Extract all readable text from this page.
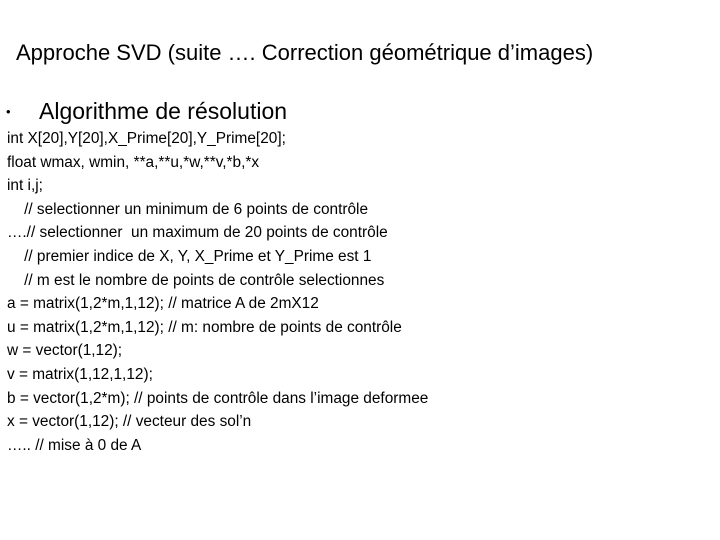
Approche SVD (suite …. Correction géométrique d’images)
•	Algorithme de résolution
int X[20],Y[20],X_Prime[20],Y_Prime[20];
float wmax, wmin, **a,**u,*w,**v,*b,*x
int i,j;
// selectionner un minimum de 6 points de contrôle
….// selectionner  un maximum de 20 points de contrôle
// premier indice de X, Y, X_Prime et Y_Prime est 1
// m est le nombre de points de contrôle selectionnes
a = matrix(1,2*m,1,12); // matrice A de 2mX12
u = matrix(1,2*m,1,12); // m: nombre de points de contrôle
w = vector(1,12);
v = matrix(1,12,1,12);
b = vector(1,2*m); // points de contrôle dans l’image deformee
x = vector(1,12); // vecteur des sol’n
….. // mise à 0 de A
